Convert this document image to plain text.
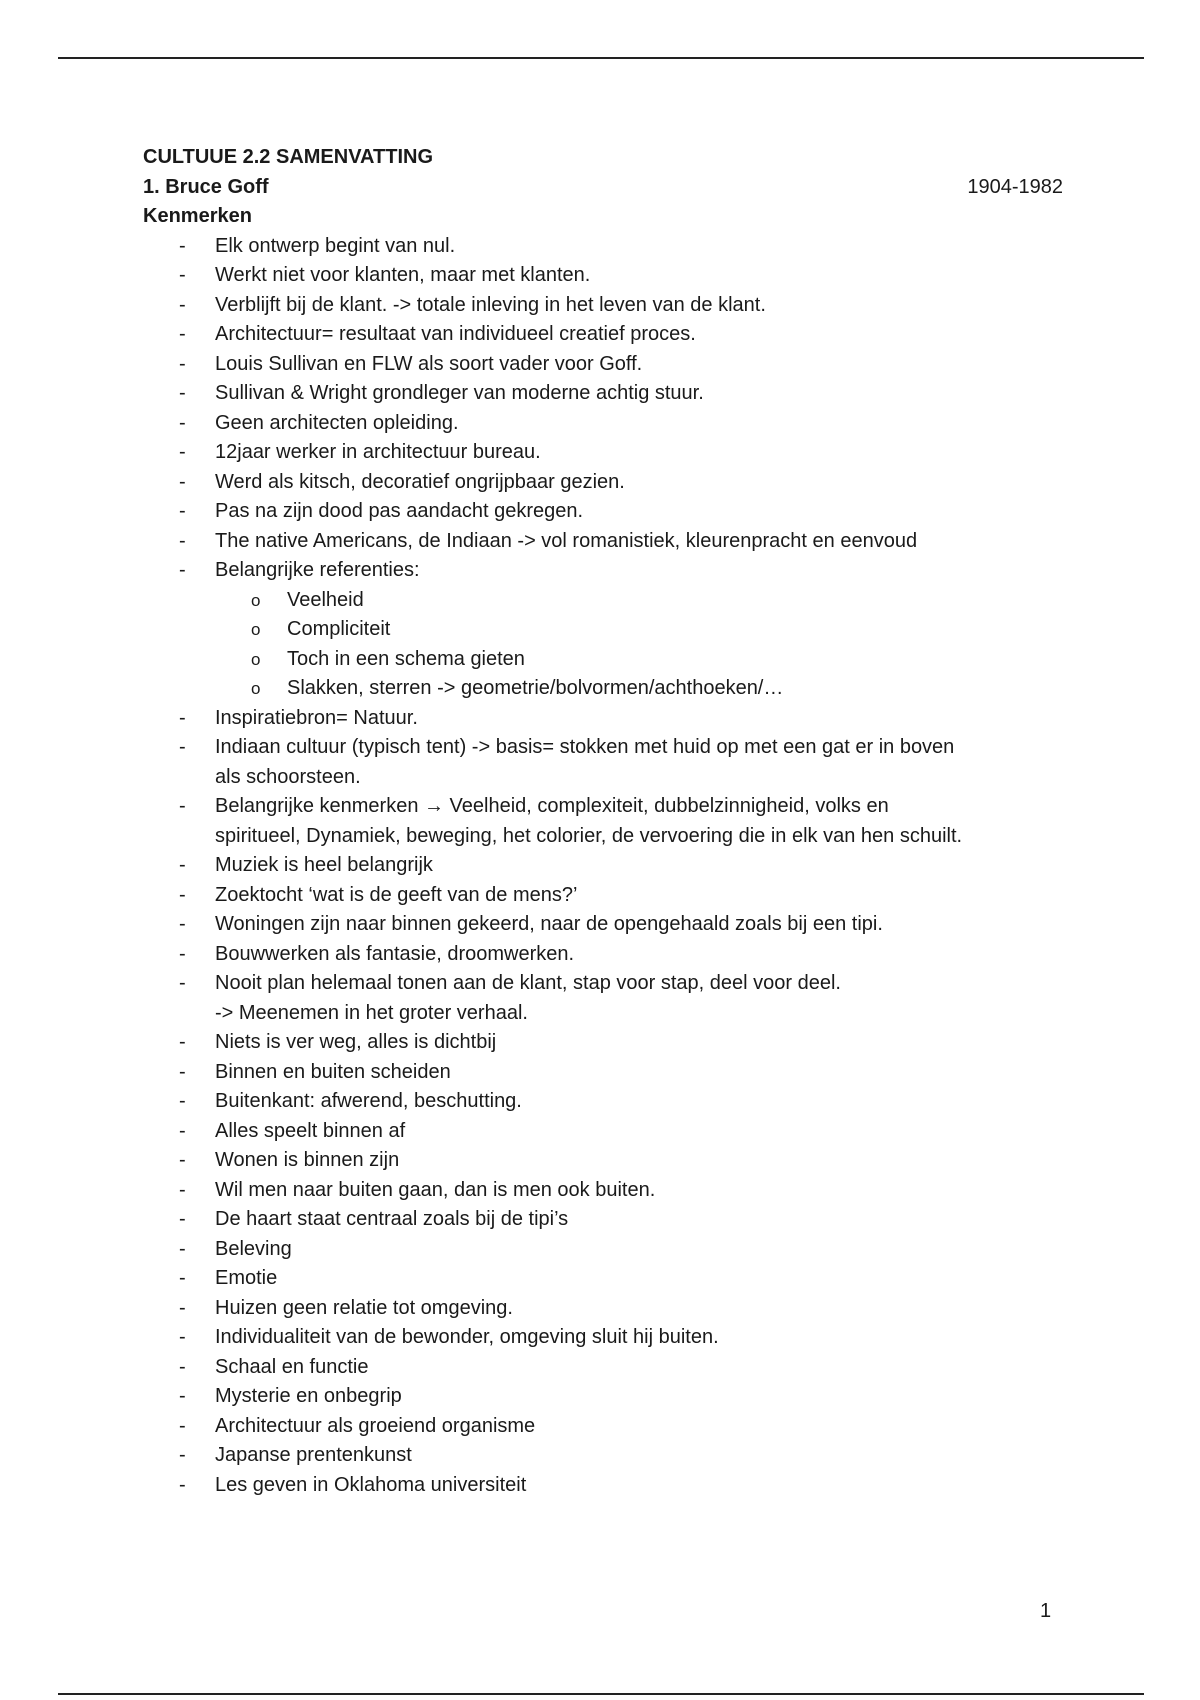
CULTUUE 2.2 SAMENVATTING
1. Bruce Goff	1904-1982
Kenmerken
- Elk ontwerp begint van nul.
- Werkt niet voor klanten, maar met klanten.
- Verblijft bij de klant. -> totale inleving in het leven van de klant.
- Architectuur= resultaat van individueel creatief proces.
- Louis Sullivan en FLW als soort vader voor Goff.
- Sullivan & Wright grondleger van moderne achtig stuur.
- Geen architecten opleiding.
- 12jaar werker in architectuur bureau.
- Werd als kitsch, decoratief ongrijpbaar gezien.
- Pas na zijn dood pas aandacht gekregen.
- The native Americans, de Indiaan -> vol romanistiek, kleurenpracht en eenvoud
- Belangrijke referenties:
o Veelheid
o Compliciteit
o Toch in een schema gieten
o Slakken, sterren -> geometrie/bolvormen/achthoeken/…
- Inspiratiebron= Natuur.
- Indiaan cultuur (typisch tent) -> basis= stokken met huid op met een gat er in boven
als schoorsteen.
- Belangrijke kenmerken → Veelheid, complexiteit, dubbelzinnigheid, volks en
spiritueel, Dynamiek, beweging, het colorier, de vervoering die in elk van hen schuilt.
- Muziek is heel belangrijk
- Zoektocht ‘wat is de geeft van de mens?’
- Woningen zijn naar binnen gekeerd, naar de opengehaald zoals bij een tipi.
- Bouwwerken als fantasie, droomwerken.
- Nooit plan helemaal tonen aan de klant, stap voor stap, deel voor deel.
-> Meenemen in het groter verhaal.
- Niets is ver weg, alles is dichtbij
- Binnen en buiten scheiden
- Buitenkant: afwerend, beschutting.
- Alles speelt binnen af
- Wonen is binnen zijn
- Wil men naar buiten gaan, dan is men ook buiten.
- De haart staat centraal zoals bij de tipi’s
- Beleving
- Emotie
- Huizen geen relatie tot omgeving.
- Individualiteit van de bewonder, omgeving sluit hij buiten.
- Schaal en functie
- Mysterie en onbegrip
- Architectuur als groeiend organisme
- Japanse prentenkunst
- Les geven in Oklahoma universiteit
1
